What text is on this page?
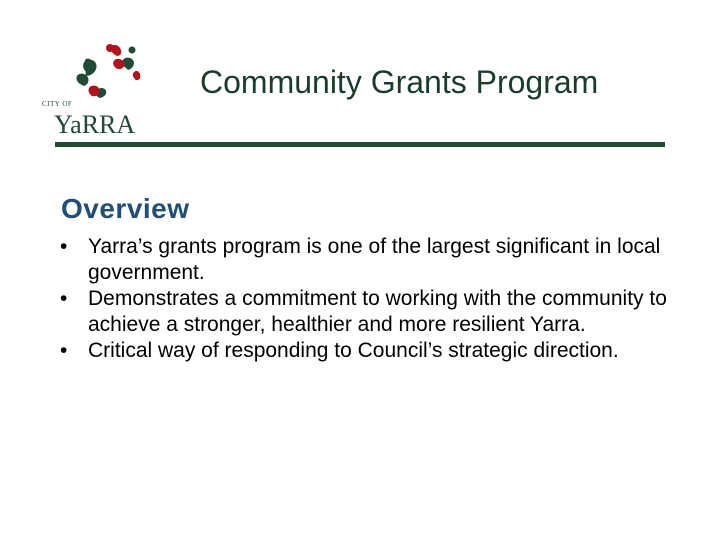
CITY OF
YaRRA
Community Grants Program
Overview
• Yarra’s grants program is one of the largest significant in local government.
• Demonstrates a commitment to working with the community to achieve a stronger, healthier and more resilient Yarra.
• Critical way of responding to Council’s strategic direction.
